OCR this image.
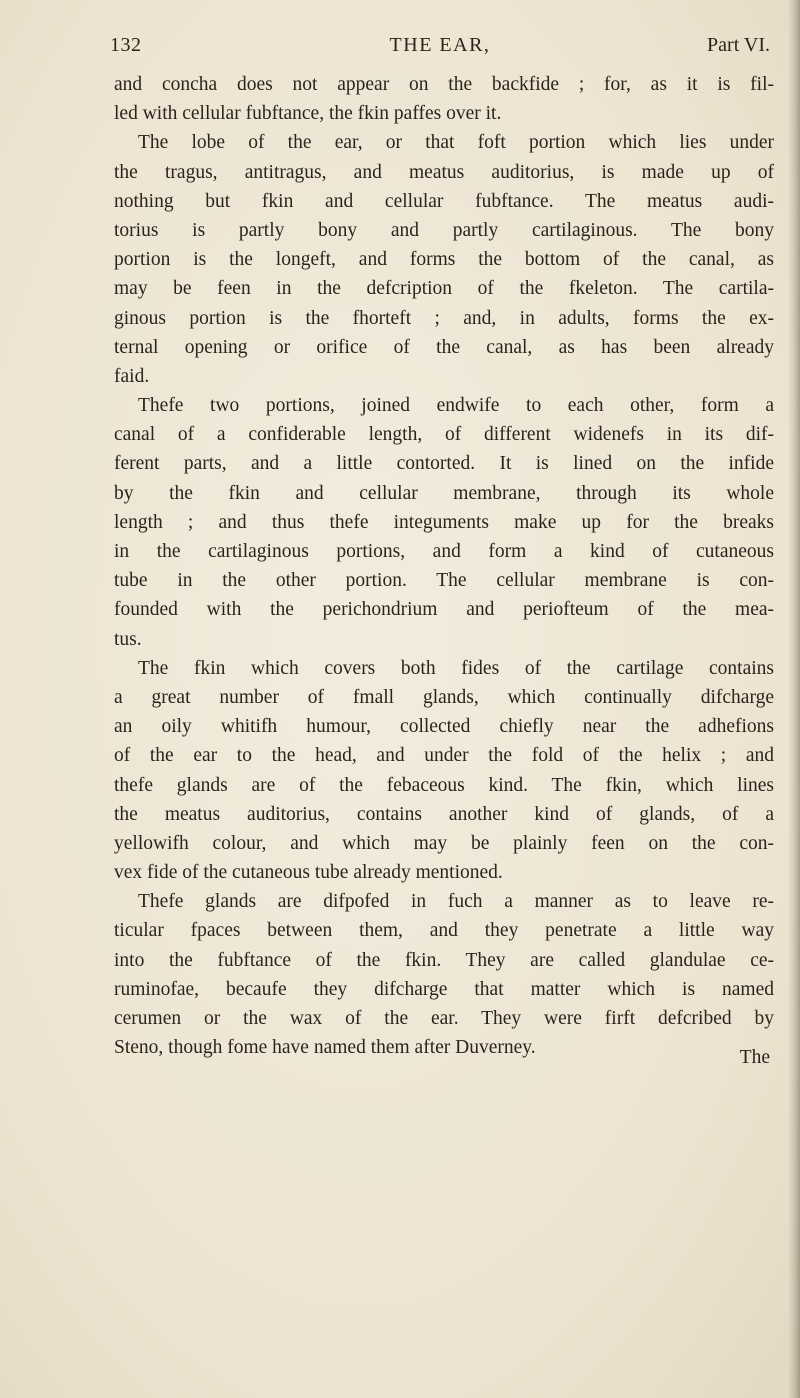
132	THE EAR,	Part VI.
and concha does not appear on the backfide ; for, as it is fil-
led with cellular fubftance, the fkin paffes over it.
The lobe of the ear, or that foft portion which lies under
the tragus, antitragus, and meatus auditorius, is made up of
nothing but fkin and cellular fubftance. The meatus audi-
torius is partly bony and partly cartilaginous. The bony
portion is the longeft, and forms the bottom of the canal, as
may be feen in the defcription of the fkeleton. The cartila-
ginous portion is the fhorteft ; and, in adults, forms the ex-
ternal opening or orifice of the canal, as has been already
faid.
Thefe two portions, joined endwife to each other, form a
canal of a confiderable length, of different widenefs in its dif-
ferent parts, and a little contorted. It is lined on the infide
by the fkin and cellular membrane, through its whole
length ; and thus thefe integuments make up for the breaks
in the cartilaginous portions, and form a kind of cutaneous
tube in the other portion. The cellular membrane is con-
founded with the perichondrium and periofteum of the mea-
tus.
The fkin which covers both fides of the cartilage contains
a great number of fmall glands, which continually difcharge
an oily whitifh humour, collected chiefly near the adhefions
of the ear to the head, and under the fold of the helix ; and
thefe glands are of the febaceous kind. The fkin, which lines
the meatus auditorius, contains another kind of glands, of a
yellowifh colour, and which may be plainly feen on the con-
vex fide of the cutaneous tube already mentioned.
Thefe glands are difpofed in fuch a manner as to leave re-
ticular fpaces between them, and they penetrate a little way
into the fubftance of the fkin. They are called glandulae ce-
ruminofae, becaufe they difcharge that matter which is named
cerumen or the wax of the ear. They were firft defcribed by
Steno, though fome have named them after Duverney.	The
